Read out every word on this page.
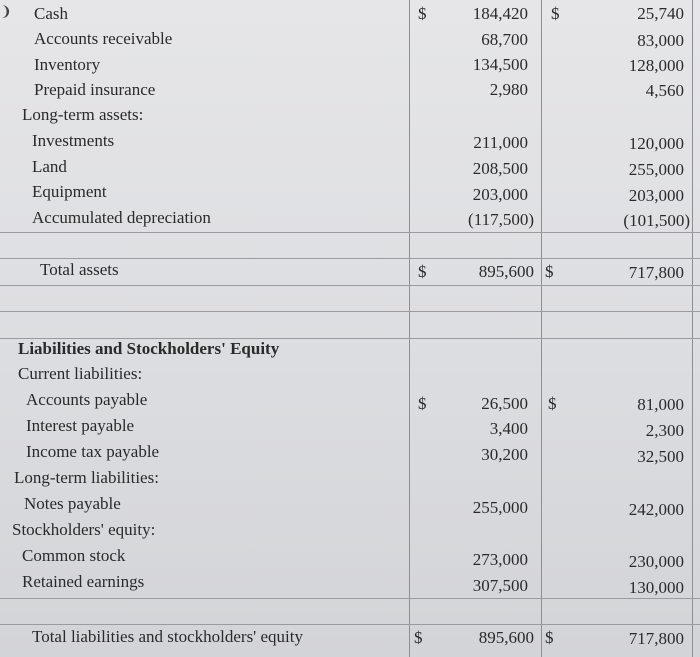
❩ Cash	$	184,420 $	25,740
Accounts receivable	68,700	83,000
Inventory	134,500	128,000
Prepaid insurance	2,980	4,560
Long-term assets:
Investments	211,000	120,000
Land	208,500	255,000
Equipment	203,000	203,000
Accumulated depreciation	(117,500)	(101,500)
Total assets	$	895,600 $	717,800
Liabilities and Stockholders' Equity
Current liabilities:
Accounts payable	$	26,500 $	81,000
Interest payable	3,400	2,300
Income tax payable	30,200	32,500
Long-term liabilities:
Notes payable	255,000	242,000
Stockholders' equity:
Common stock	273,000	230,000
Retained earnings	307,500	130,000
Total liabilities and stockholders' equity	$	895,600 $	717,800
